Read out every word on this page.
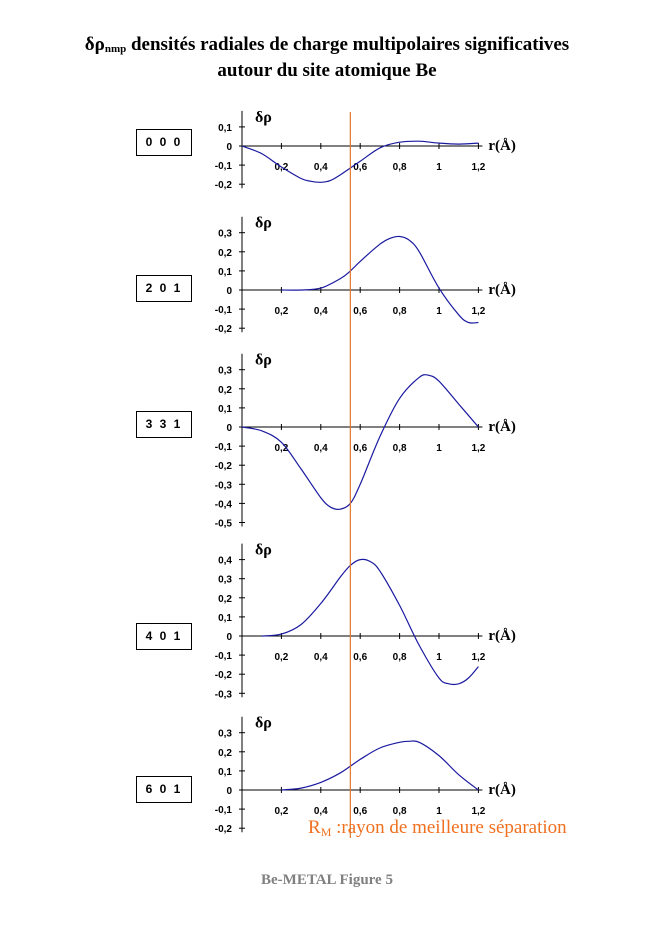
δρnmp densités radiales de charge multipolaires significatives
autour du site atomique Be
0,1
0
-0,1
-0,2
0,2	0,4	0,6	0,8	1	1,2
δρ
r(Å)
0,3
0,2
0,1
0
-0,1
-0,2
0,2	0,4	0,6	0,8	1	1,2
δρ
r(Å)
0,3
0,2
0,1
0
-0,1
-0,2
-0,3
-0,4
-0,5
0,2	0,4	0,6	0,8	1	1,2
δρ
r(Å)
0,4
0,3
0,2
0,1
0
-0,1
-0,2
-0,3
0,2	0,4	0,6	0,8	1	1,2
δρ
r(Å)
0,3
0,2
0,1
0
-0,1
-0,2
0,2	0,4	0,6	0,8	1	1,2
δρ
r(Å)
0 0 0
2 0 1
3 3 1
4 0 1
6 0 1
RM :rayon de meilleure séparation
Be-METAL Figure 5
